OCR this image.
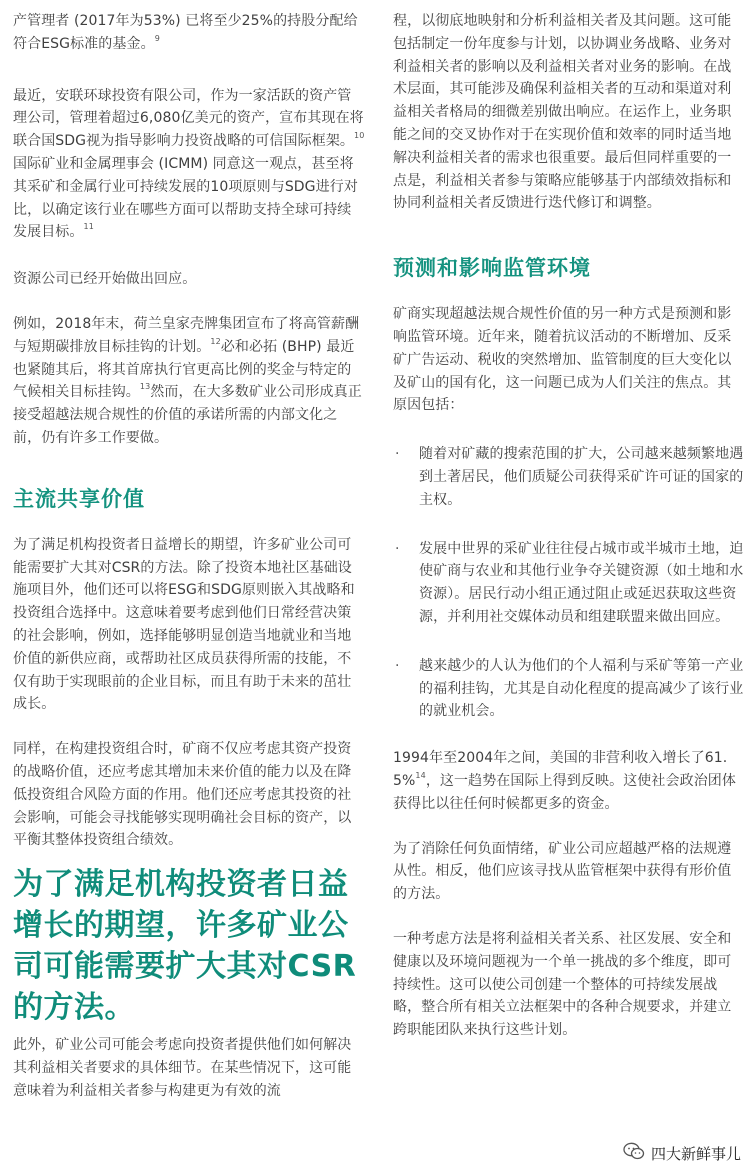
产管理者 (2017年为53%) 已将至少25%的持股分配给符合ESG标准的基金。$^9$

最近，安联环球投资有限公司，作为一家活跃的资产管理公司，管理着超过6,080亿美元的资产，宣布其现在将联合国SDG视为指导影响力投资战略的可信国际框架。$^{10}$国际矿业和金属理事会 (ICMM) 同意这一观点，甚至将其采矿和金属行业可持续发展的10项原则与SDG进行对比，以确定该行业在哪些方面可以帮助支持全球可持续发展目标。$^{11}$

资源公司已经开始做出回应。

例如，2018年末，荷兰皇家壳牌集团宣布了将高管薪酬与短期碳排放目标挂钩的计划。$^{12}$必和必拓 (BHP) 最近也紧随其后，将其首席执行官更高比例的奖金与特定的气候相关目标挂钩。$^{13}$然而，在大多数矿业公司形成真正接受超越法规合规性的价值的承诺所需的内部文化之前，仍有许多工作要做。

主流共享价值

为了满足机构投资者日益增长的期望，许多矿业公司可能需要扩大其对CSR的方法。除了投资本地社区基础设施项目外，他们还可以将ESG和SDG原则嵌入其战略和投资组合选择中。这意味着要考虑到他们日常经营决策的社会影响，例如，选择能够明显创造当地就业和当地价值的新供应商，或帮助社区成员获得所需的技能，不仅有助于实现眼前的企业目标，而且有助于未来的茁壮成长。

同样，在构建投资组合时，矿商不仅应考虑其资产投资的战略价值，还应考虑其增加未来价值的能力以及在降低投资组合风险方面的作用。他们还应考虑其投资的社会影响，可能会寻找能够实现明确社会目标的资产，以平衡其整体投资组合绩效。

为了满足机构投资者日益增长的期望，许多矿业公司可能需要扩大其对CSR的方法。

此外，矿业公司可能会考虑向投资者提供他们如何解决其利益相关者要求的具体细节。在某些情况下，这可能意味着为利益相关者参与构建更为有效的流

程，以彻底地映射和分析利益相关者及其问题。这可能包括制定一份年度参与计划，以协调业务战略、业务对利益相关者的影响以及利益相关者对业务的影响。在战术层面，其可能涉及确保利益相关者的互动和渠道对利益相关者格局的细微差别做出响应。在运作上，业务职能之间的交叉协作对于在实现价值和效率的同时适当地解决利益相关者的需求也很重要。最后但同样重要的一点是，利益相关者参与策略应能够基于内部绩效指标和协同利益相关者反馈进行迭代修订和调整。

预测和影响监管环境

矿商实现超越法规合规性价值的另一种方式是预测和影响监管环境。近年来，随着抗议活动的不断增加、反采矿广告运动、税收的突然增加、监管制度的巨大变化以及矿山的国有化，这一问题已成为人们关注的焦点。其原因包括：

· 随着对矿藏的搜索范围的扩大，公司越来越频繁地遇到土著居民，他们质疑公司获得采矿许可证的国家的主权。

· 发展中世界的采矿业往往侵占城市或半城市土地，迫使矿商与农业和其他行业争夺关键资源（如土地和水资源）。居民行动小组正通过阻止或延迟获取这些资源，并利用社交媒体动员和组建联盟来做出回应。

· 越来越少的人认为他们的个人福利与采矿等第一产业的福利挂钩，尤其是自动化程度的提高减少了该行业的就业机会。

1994年至2004年之间，美国的非营利收入增长了61.5%$^{14}$，这一趋势在国际上得到反映。这使社会政治团体获得比以往任何时候都更多的资金。

为了消除任何负面情绪，矿业公司应超越严格的法规遵从性。相反，他们应该寻找从监管框架中获得有形价值的方法。

一种考虑方法是将利益相关者关系、社区发展、安全和健康以及环境问题视为一个单一挑战的多个维度，即可持续性。这可以使公司创建一个整体的可持续发展战略，整合所有相关立法框架中的各种合规要求，并建立跨职能团队来执行这些计划。

四大新鲜事儿
